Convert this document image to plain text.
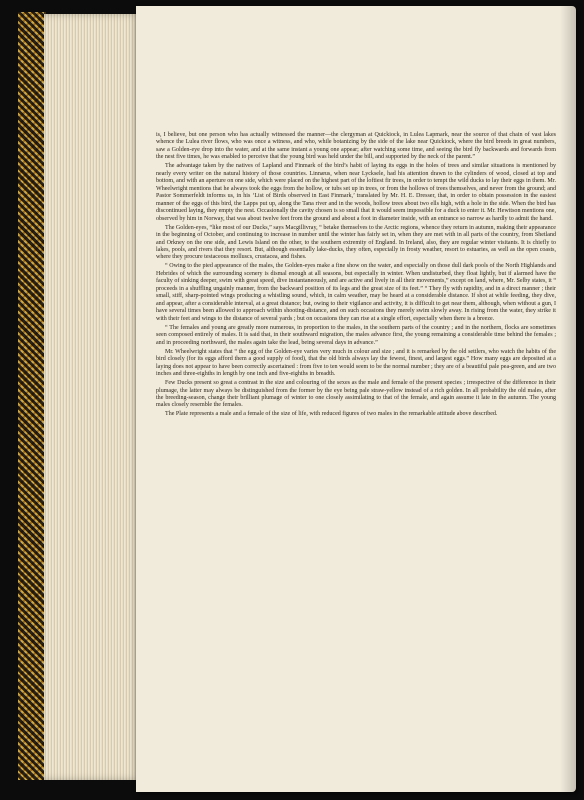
is, I believe, but one person who has actually witnessed the manner—the clergyman at Quickiock, in Lulea Lapmark, near the source of that chain of vast lakes whence the Lulea river flows, who was once a witness, and who, while botanizing by the side of the lake near Quickiock, where the bird breeds in great numbers, saw a Golden-eye drop into the water, and at the same instant a young one appear; after watching some time, and seeing the bird fly backwards and forwards from the nest five times, he was enabled to perceive that the young bird was held under the bill, and supported by the neck of the parent.”

The advantage taken by the natives of Lapland and Finmark of the bird’s habit of laying its eggs in the holes of trees and similar situations is mentioned by nearly every writer on the natural history of those countries. Linnæus, when near Lycksele, had his attention drawn to the cylinders of wood, closed at top and bottom, and with an aperture on one side, which were placed on the highest part of the loftiest fir trees, in order to tempt the wild ducks to lay their eggs in them. Mr. Wheelwright mentions that he always took the eggs from the hollow, or tubs set up in trees, or from the hollows of trees themselves, and never from the ground; and Pastor Sommerfeldt informs us, in his ‘List of Birds observed in East Finmark,’ translated by Mr. H. E. Dresser, that, in order to obtain possession in the easiest manner of the eggs of this bird, the Lapps put up, along the Tana river and in the woods, hollow trees about two ells high, with a hole in the side. When the bird has discontinued laying, they empty the nest. Occasionally the cavity chosen is so small that it would seem impossible for a duck to enter it. Mr. Hewitson mentions one, observed by him in Norway, that was about twelve feet from the ground and about a foot in diameter inside, with an entrance so narrow as hardly to admit the hand.

The Golden-eyes, “like most of our Ducks,” says Macgillivray, “ betake themselves to the Arctic regions, whence they return in autumn, making their appearance in the beginning of October, and continuing to increase in number until the winter has fairly set in, when they are met with in all parts of the country, from Shetland and Orkney on the one side, and Lewis Island on the other, to the southern extremity of England. In Ireland, also, they are regular winter visitants. It is chiefly to lakes, pools, and rivers that they resort. But, although essentially lake-ducks, they often, especially in frosty weather, resort to estuaries, as well as the open coasts, where they procure testaceous molluscs, crustacea, and fishes.

“ Owing to the pied appearance of the males, the Golden-eyes make a fine show on the water, and especially on those dull dark pools of the North Highlands and Hebrides of which the surrounding scenery is dismal enough at all seasons, but especially in winter. When undisturbed, they float lightly, but if alarmed have the faculty of sinking deeper, swim with great speed, dive instantaneously, and are active and lively in all their movements,” except on land, where, Mr. Selby states, it “ proceeds in a shuffling ungainly manner, from the backward position of its legs and the great size of its feet.” “ They fly with rapidity, and in a direct manner ; their small, stiff, sharp-pointed wings producing a whistling sound, which, in calm weather, may be heard at a considerable distance. If shot at while feeding, they dive, and appear, after a considerable interval, at a great distance; but, owing to their vigilance and activity, it is difficult to get near them, although, when without a gun, I have several times been allowed to approach within shooting-distance, and on such occasions they merely swim slowly away. In rising from the water, they strike it with their feet and wings to the distance of several yards ; but on occasions they can rise at a single effort, especially when there is a breeze.

“ The females and young are greatly more numerous, in proportion to the males, in the southern parts of the country ; and in the northern, flocks are sometimes seen composed entirely of males. It is said that, in their southward migration, the males advance first, the young remaining a considerable time behind the females ; and in proceeding northward, the males again take the lead, being several days in advance.”

Mr. Wheelwright states that “ the egg of the Golden-eye varies very much in colour and size ; and it is remarked by the old settlers, who watch the habits of the bird closely (for its eggs afford them a good supply of food), that the old birds always lay the fewest, finest, and largest eggs.” How many eggs are deposited at a laying does not appear to have been correctly ascertained : from five to ten would seem to be the normal number ; they are of a beautiful pale pea-green, and are two inches and three-eighths in length by one inch and five-eighths in breadth.

Few Ducks present so great a contrast in the size and colouring of the sexes as the male and female of the present species ; irrespective of the difference in their plumage, the latter may always be distinguished from the former by the eye being pale straw-yellow instead of a rich golden. In all probability the old males, after the breeding-season, change their brilliant plumage of winter to one closely assimilating to that of the female, and again assume it late in the autumn. The young males closely resemble the females.

The Plate represents a male and a female of the size of life, with reduced figures of two males in the remarkable attitude above described.
